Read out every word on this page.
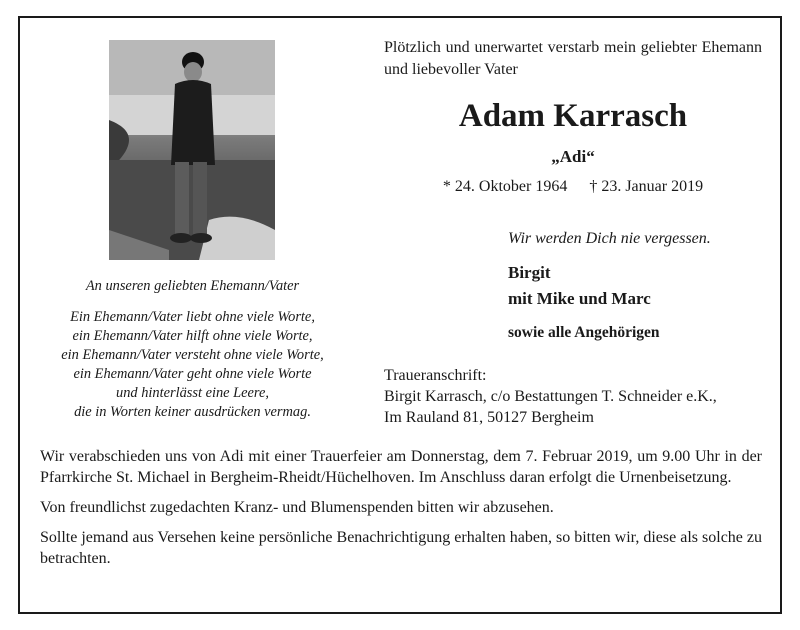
An unseren geliebten Ehemann/Vater
Ein Ehemann/Vater liebt ohne viele Worte,
ein Ehemann/Vater hilft ohne viele Worte,
ein Ehemann/Vater versteht ohne viele Worte,
ein Ehemann/Vater geht ohne viele Worte
und hinterlässt eine Leere,
die in Worten keiner ausdrücken vermag.
Plötzlich und unerwartet verstarb mein geliebter Ehemann und liebevoller Vater
Adam Karrasch
„Adi“
* 24. Oktober 1964 † 23. Januar 2019
Wir werden Dich nie vergessen.
Birgit
mit Mike und Marc
sowie alle Angehörigen
Traueranschrift:
Birgit Karrasch, c/o Bestattungen T. Schneider e.K.,
Im Rauland 81, 50127 Bergheim

Wir verabschieden uns von Adi mit einer Trauerfeier am Donnerstag, dem 7. Februar 2019, um 9.00 Uhr in der Pfarrkirche St. Michael in Bergheim-Rheidt/Hüchelhoven. Im Anschluss daran erfolgt die Urnenbeisetzung.

Von freundlichst zugedachten Kranz- und Blumenspenden bitten wir abzusehen.

Sollte jemand aus Versehen keine persönliche Benachrichtigung erhalten haben, so bitten wir, diese als solche zu betrachten.
